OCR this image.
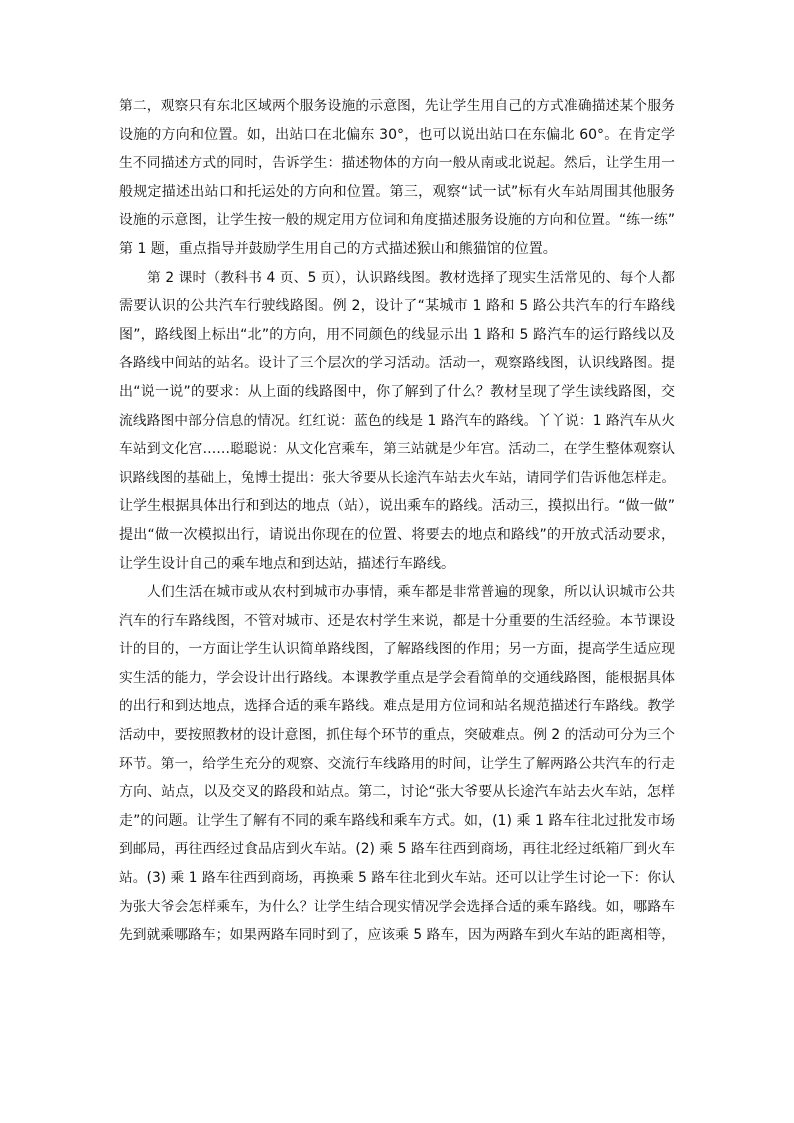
第二，观察只有东北区域两个服务设施的示意图，先让学生用自己的方式准确描述某个服务
设施的方向和位置。如，出站口在北偏东 30°，也可以说出站口在东偏北 60°。在肯定学
生不同描述方式的同时，告诉学生：描述物体的方向一般从南或北说起。然后，让学生用一
般规定描述出站口和托运处的方向和位置。第三，观察“试一试”标有火车站周围其他服务
设施的示意图，让学生按一般的规定用方位词和角度描述服务设施的方向和位置。“练一练”
第 1 题，重点指导并鼓励学生用自己的方式描述猴山和熊猫馆的位置。
第 2 课时（教科书 4 页、5 页），认识路线图。教材选择了现实生活常见的、每个人都
需要认识的公共汽车行驶线路图。例 2，设计了“某城市 1 路和 5 路公共汽车的行车路线
图”，路线图上标出“北”的方向，用不同颜色的线显示出 1 路和 5 路汽车的运行路线以及
各路线中间站的站名。设计了三个层次的学习活动。活动一，观察路线图，认识线路图。提
出“说一说”的要求：从上面的线路图中，你了解到了什么？教材呈现了学生读线路图，交
流线路图中部分信息的情况。红红说：蓝色的线是 1 路汽车的路线。丫丫说：1 路汽车从火
车站到文化宫……聪聪说：从文化宫乘车，第三站就是少年宫。活动二，在学生整体观察认
识路线图的基础上，兔博士提出：张大爷要从长途汽车站去火车站，请同学们告诉他怎样走。
让学生根据具体出行和到达的地点（站），说出乘车的路线。活动三，摸拟出行。“做一做”
提出“做一次模拟出行，请说出你现在的位置、将要去的地点和路线”的开放式活动要求，
让学生设计自己的乘车地点和到达站，描述行车路线。
人们生活在城市或从农村到城市办事情，乘车都是非常普遍的现象，所以认识城市公共
汽车的行车路线图，不管对城市、还是农村学生来说，都是十分重要的生活经验。本节课设
计的目的，一方面让学生认识简单路线图，了解路线图的作用；另一方面，提高学生适应现
实生活的能力，学会设计出行路线。本课教学重点是学会看简单的交通线路图，能根据具体
的出行和到达地点，选择合适的乘车路线。难点是用方位词和站名规范描述行车路线。教学
活动中，要按照教材的设计意图，抓住每个环节的重点，突破难点。例 2 的活动可分为三个
环节。第一，给学生充分的观察、交流行车线路用的时间，让学生了解两路公共汽车的行走
方向、站点，以及交叉的路段和站点。第二，讨论“张大爷要从长途汽车站去火车站，怎样
走”的问题。让学生了解有不同的乘车路线和乘车方式。如，(1) 乘 1 路车往北过批发市场
到邮局，再往西经过食品店到火车站。(2) 乘 5 路车往西到商场，再往北经过纸箱厂到火车
站。(3) 乘 1 路车往西到商场，再换乘 5 路车往北到火车站。还可以让学生讨论一下：你认
为张大爷会怎样乘车，为什么？让学生结合现实情况学会选择合适的乘车路线。如，哪路车
先到就乘哪路车；如果两路车同时到了，应该乘 5 路车，因为两路车到火车站的距离相等，
